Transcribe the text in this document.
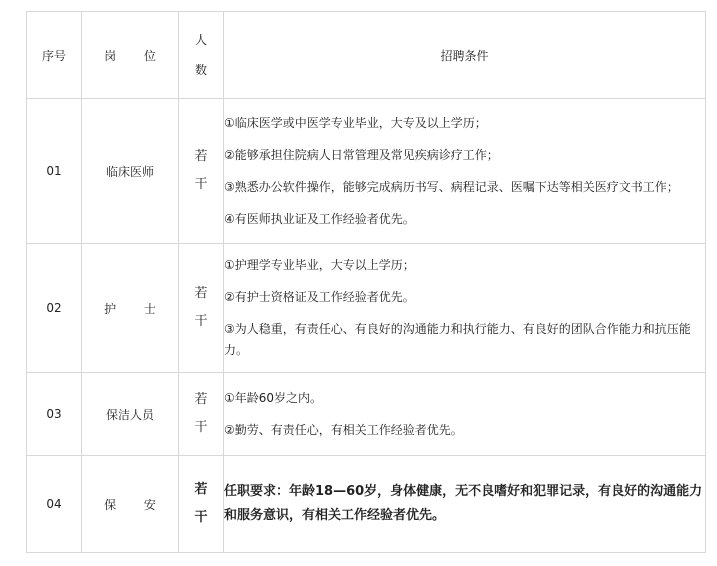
序号	岗 位	人数	招聘条件
01	临床医师	若干	①临床医学或中医学专业毕业，大专及以上学历；

②能够承担住院病人日常管理及常见疾病诊疗工作；

③熟悉办公软件操作，能够完成病历书写、病程记录、医嘱下达等相关医疗文书工作；

④有医师执业证及工作经验者优先。

02	护 士	若干	①护理学专业毕业，大专以上学历；

②有护士资格证及工作经验者优先。

③为人稳重，有责任心、有良好的沟通能力和执行能力、有良好的团队合作能力和抗压能力。

03	保洁人员	若干	①年龄60岁之内。

②勤劳、有责任心，有相关工作经验者优先。

04	保 安	若干	任职要求：年龄18—60岁，身体健康，无不良嗜好和犯罪记录，有良好的沟通能力和服务意识，有相关工作经验者优先。
